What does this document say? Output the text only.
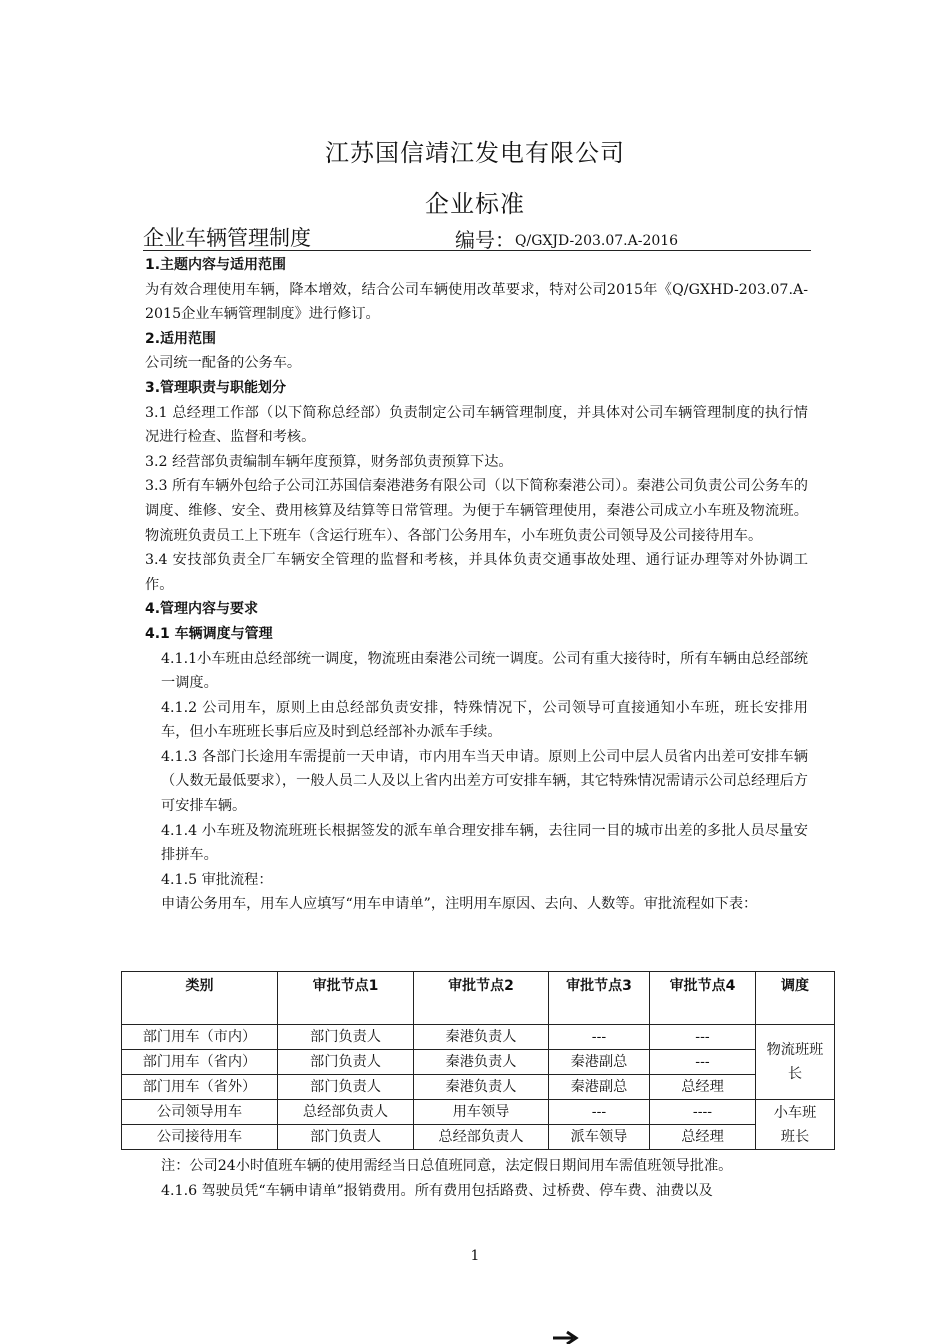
江苏国信靖江发电有限公司
企业标准
企业车辆管理制度	编号：Q/GXJD-203.07.A-2016

1.主题内容与适用范围

为有效合理使用车辆，降本增效，结合公司车辆使用改革要求，特对公司2015年《Q/GXHD-203.07.A-2015企业车辆管理制度》进行修订。

2.适用范围

公司统一配备的公务车。

3.管理职责与职能划分

3.1 总经理工作部（以下简称总经部）负责制定公司车辆管理制度，并具体对公司车辆管理制度的执行情况进行检查、监督和考核。

3.2 经营部负责编制车辆年度预算，财务部负责预算下达。

3.3 所有车辆外包给子公司江苏国信秦港港务有限公司（以下简称秦港公司）。秦港公司负责公司公务车的调度、维修、安全、费用核算及结算等日常管理。为便于车辆管理使用，秦港公司成立小车班及物流班。物流班负责员工上下班车（含运行班车）、各部门公务用车，小车班负责公司领导及公司接待用车。

3.4 安技部负责全厂车辆安全管理的监督和考核，并具体负责交通事故处理、通行证办理等对外协调工作。

4.管理内容与要求

4.1 车辆调度与管理

4.1.1小车班由总经部统一调度，物流班由秦港公司统一调度。公司有重大接待时，所有车辆由总经部统一调度。

4.1.2 公司用车，原则上由总经部负责安排，特殊情况下，公司领导可直接通知小车班，班长安排用车，但小车班班长事后应及时到总经部补办派车手续。

4.1.3 各部门长途用车需提前一天申请，市内用车当天申请。原则上公司中层人员省内出差可安排车辆（人数无最低要求），一般人员二人及以上省内出差方可安排车辆，其它特殊情况需请示公司总经理后方可安排车辆。

4.1.4 小车班及物流班班长根据签发的派车单合理安排车辆，去往同一目的城市出差的多批人员尽量安排拼车。

4.1.5 审批流程：

申请公务用车，用车人应填写“用车申请单”，注明用车原因、去向、人数等。审批流程如下表：

类别	审批节点1	审批节点2	审批节点3	审批节点4	调度
部门用车（市内）	部门负责人	秦港负责人	---	---	物流班班长
部门用车（省内）	部门负责人	秦港负责人	秦港副总	---	
部门用车（省外）	部门负责人	秦港负责人	秦港副总	总经理	
公司领导用车	总经部负责人	用车领导	---	----	小车班班长
公司接待用车	部门负责人	总经部负责人	派车领导	总经理	

注：公司24小时值班车辆的使用需经当日总值班同意，法定假日期间用车需值班领导批准。

4.1.6 驾驶员凭“车辆申请单”报销费用。所有费用包括路费、过桥费、停车费、油费以及

1
